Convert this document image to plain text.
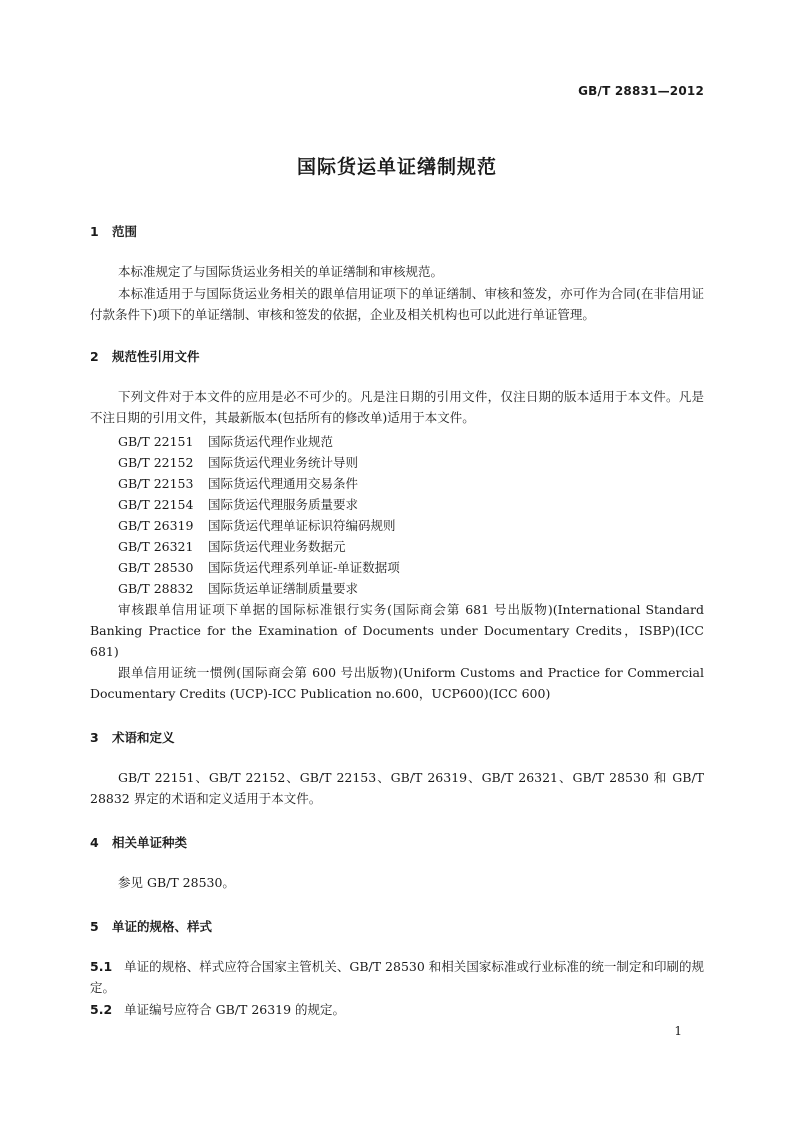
GB/T 28831—2012
国际货运单证缮制规范
1 范围

本标准规定了与国际货运业务相关的单证缮制和审核规范。

本标准适用于与国际货运业务相关的跟单信用证项下的单证缮制、审核和签发，亦可作为合同(在非信用证付款条件下)项下的单证缮制、审核和签发的依据，企业及相关机构也可以此进行单证管理。

2 规范性引用文件

下列文件对于本文件的应用是必不可少的。凡是注日期的引用文件，仅注日期的版本适用于本文件。凡是不注日期的引用文件，其最新版本(包括所有的修改单)适用于本文件。

GB/T 22151 国际货运代理作业规范
GB/T 22152 国际货运代理业务统计导则
GB/T 22153 国际货运代理通用交易条件
GB/T 22154 国际货运代理服务质量要求
GB/T 26319 国际货运代理单证标识符编码规则
GB/T 26321 国际货运代理业务数据元
GB/T 28530 国际货运代理系列单证-单证数据项
GB/T 28832 国际货运单证缮制质量要求

审核跟单信用证项下单据的国际标准银行实务(国际商会第 681 号出版物)(International Standard Banking Practice for the Examination of Documents under Documentary Credits，ISBP)(ICC 681)

跟单信用证统一惯例(国际商会第 600 号出版物)(Uniform Customs and Practice for Commercial Documentary Credits (UCP)-ICC Publication no.600，UCP600)(ICC 600)

3 术语和定义

GB/T 22151、GB/T 22152、GB/T 22153、GB/T 26319、GB/T 26321、GB/T 28530 和 GB/T 28832 界定的术语和定义适用于本文件。

4 相关单证种类

参见 GB/T 28530。

5 单证的规格、样式

5.1 单证的规格、样式应符合国家主管机关、GB/T 28530 和相关国家标准或行业标准的统一制定和印刷的规定。

5.2 单证编号应符合 GB/T 26319 的规定。

1
